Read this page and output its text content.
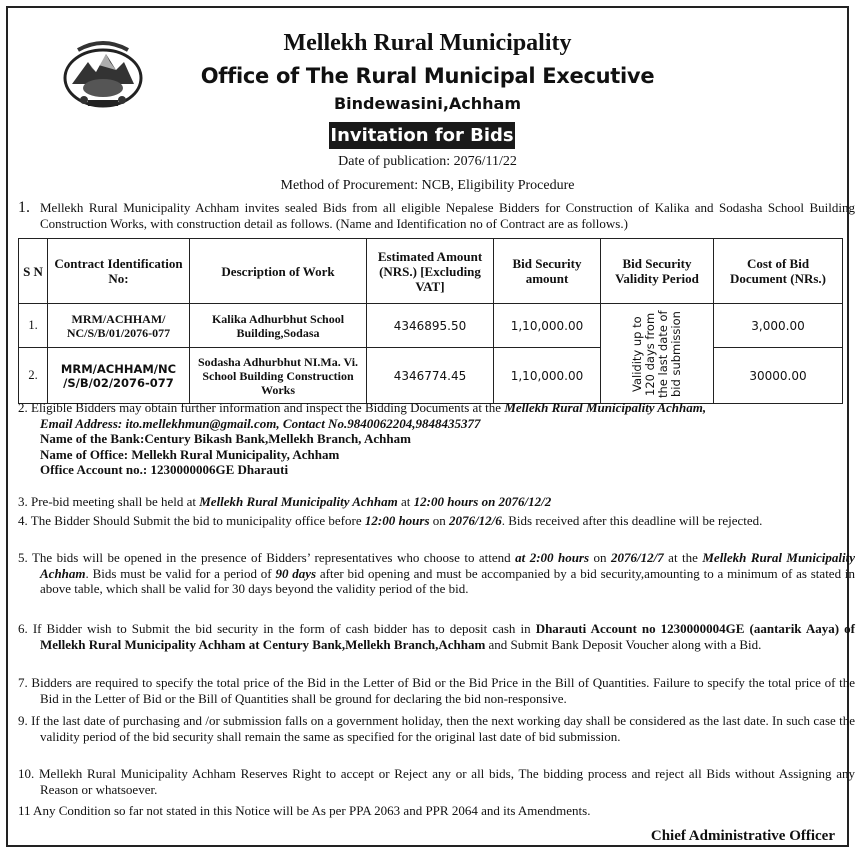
Mellekh Rural Municipality
Office of The Rural Municipal Executive
Bindewasini,Achham
Invitation for Bids
Date of publication: 2076/11/22
Method of Procurement: NCB, Eligibility Procedure
1. Mellekh Rural Municipality Achham invites sealed Bids from all eligible Nepalese Bidders for Construction of Kalika and Sodasha School Building Construction Works, with construction detail as follows. (Name and Identification no of Contract are as follows.)
S N	Contract Identification No:	Description of Work	Estimated Amount (NRS.) [Excluding VAT]	Bid Security amount	Bid Security Validity Period	Cost of Bid Document (NRs.)
1.	MRM/ACHHAM/ NC/S/B/01/2076-077	Kalika Adhurbhut School Building,Sodasa	4346895.50	1,10,000.00	Validity up to 120 days from the last date of bid submission	3,000.00
2.	MRM/ACHHAM/NC /S/B/02/2076-077	Sodasha Adhurbhut NI.Ma. Vi. School Building Construction Works	4346774.45	1,10,000.00		30000.00
2. Eligible Bidders may obtain further information and inspect the Bidding Documents at the Mellekh Rural Municipality Achham,
Email Address: ito.mellekhmun@gmail.com, Contact No.9840062204,9848435377
Name of the Bank:Century Bikash Bank,Mellekh Branch, Achham
Name of Office: Mellekh Rural Municipality, Achham
Office Account no.: 1230000006GE Dharauti
3. Pre-bid meeting shall be held at Mellekh Rural Municipality Achham at 12:00 hours on 2076/12/2
4. The Bidder Should Submit the bid to municipality office before 12:00 hours on 2076/12/6. Bids received after this deadline will be rejected.
5. The bids will be opened in the presence of Bidders’ representatives who choose to attend at 2:00 hours on 2076/12/7 at the Mellekh Rural Municipality Achham. Bids must be valid for a period of 90 days after bid opening and must be accompanied by a bid security,amounting to a minimum of as stated in above table, which shall be valid for 30 days beyond the validity period of the bid.
6. If Bidder wish to Submit the bid security in the form of cash bidder has to deposit cash in Dharauti Account no 1230000004GE (aantarik Aaya) of Mellekh Rural Municipality Achham at Century Bank,Mellekh Branch,Achham and Submit Bank Deposit Voucher along with a Bid.
7. Bidders are required to specify the total price of the Bid in the Letter of Bid or the Bid Price in the Bill of Quantities. Failure to specify the total price of the Bid in the Letter of Bid or the Bill of Quantities shall be ground for declaring the bid non-responsive.
9. If the last date of purchasing and /or submission falls on a government holiday, then the next working day shall be considered as the last date. In such case the validity period of the bid security shall remain the same as specified for the original last date of bid submission.
10. Mellekh Rural Municipality Achham Reserves Right to accept or Reject any or all bids, The bidding process and reject all Bids without Assigning any Reason or whatsoever.
11 Any Condition so far not stated in this Notice will be As per PPA 2063 and PPR 2064 and its Amendments.
Chief Administrative Officer
